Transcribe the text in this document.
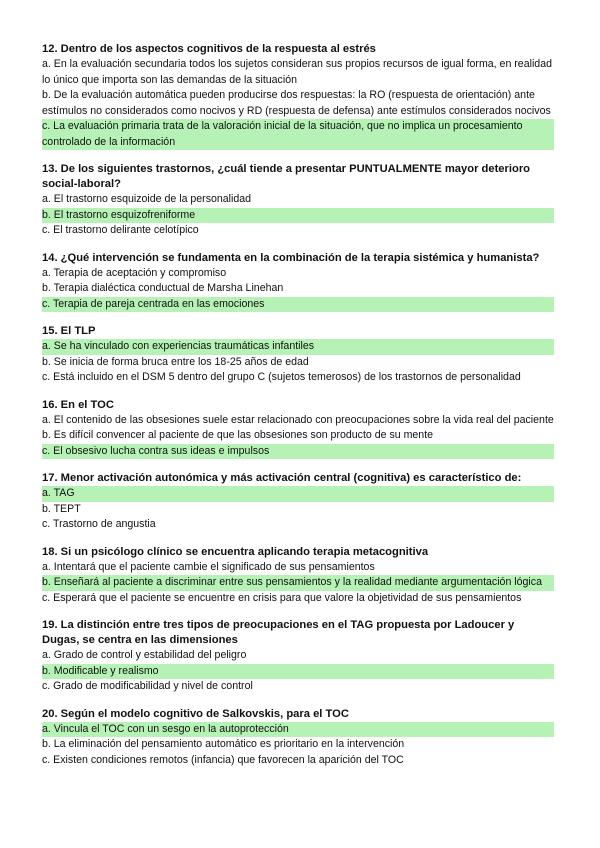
12. Dentro de los aspectos cognitivos de la respuesta al estrés

a. En la evaluación secundaria todos los sujetos consideran sus propios recursos de igual forma, en realidad lo único que importa son las demandas de la situación

b. De la evaluación automática pueden producirse dos respuestas: la RO (respuesta de orientación) ante estímulos no considerados como nocivos y RD (respuesta de defensa) ante estímulos considerados nocivos

c. La evaluación primaria trata de la valoración inicial de la situación, que no implica un procesamiento controlado de la información

13. De los siguientes trastornos, ¿cuál tiende a presentar PUNTUALMENTE mayor deterioro social-laboral?

a. El trastorno esquizoide de la personalidad

b. El trastorno esquizofreniforme

c. El trastorno delirante celotípico

14. ¿Qué intervención se fundamenta en la combinación de la terapia sistémica y humanista?

a. Terapia de aceptación y compromiso

b. Terapia dialéctica conductual de Marsha Linehan

c. Terapia de pareja centrada en las emociones

15. El TLP

a. Se ha vinculado con experiencias traumáticas infantiles

b. Se inicia de forma bruca entre los 18-25 años de edad

c. Está incluido en el DSM 5 dentro del grupo C (sujetos temerosos) de los trastornos de personalidad

16. En el TOC

a. El contenido de las obsesiones suele estar relacionado con preocupaciones sobre la vida real del paciente

b. Es difícil convencer al paciente de que las obsesiones son producto de su mente

c. El obsesivo lucha contra sus ideas e impulsos

17. Menor activación autonómica y más activación central (cognitiva) es característico de:

a. TAG

b. TEPT

c. Trastorno de angustia

18. Si un psicólogo clínico se encuentra aplicando terapia metacognitiva

a. Intentará que el paciente cambie el significado de sus pensamientos

b. Enseñará al paciente a discriminar entre sus pensamientos y la realidad mediante argumentación lógica

c. Esperará que el paciente se encuentre en crisis para que valore la objetividad de sus pensamientos

19. La distinción entre tres tipos de preocupaciones en el TAG propuesta por Ladoucer y Dugas, se centra en las dimensiones

a. Grado de control y estabilidad del peligro

b. Modificable y realismo

c. Grado de modificabilidad y nivel de control

20. Según el modelo cognitivo de Salkovskis, para el TOC

a. Vincula el TOC con un sesgo en la autoprotección

b. La eliminación del pensamiento automático es prioritario en la intervención

c. Existen condiciones remotos (infancia) que favorecen la aparición del TOC
